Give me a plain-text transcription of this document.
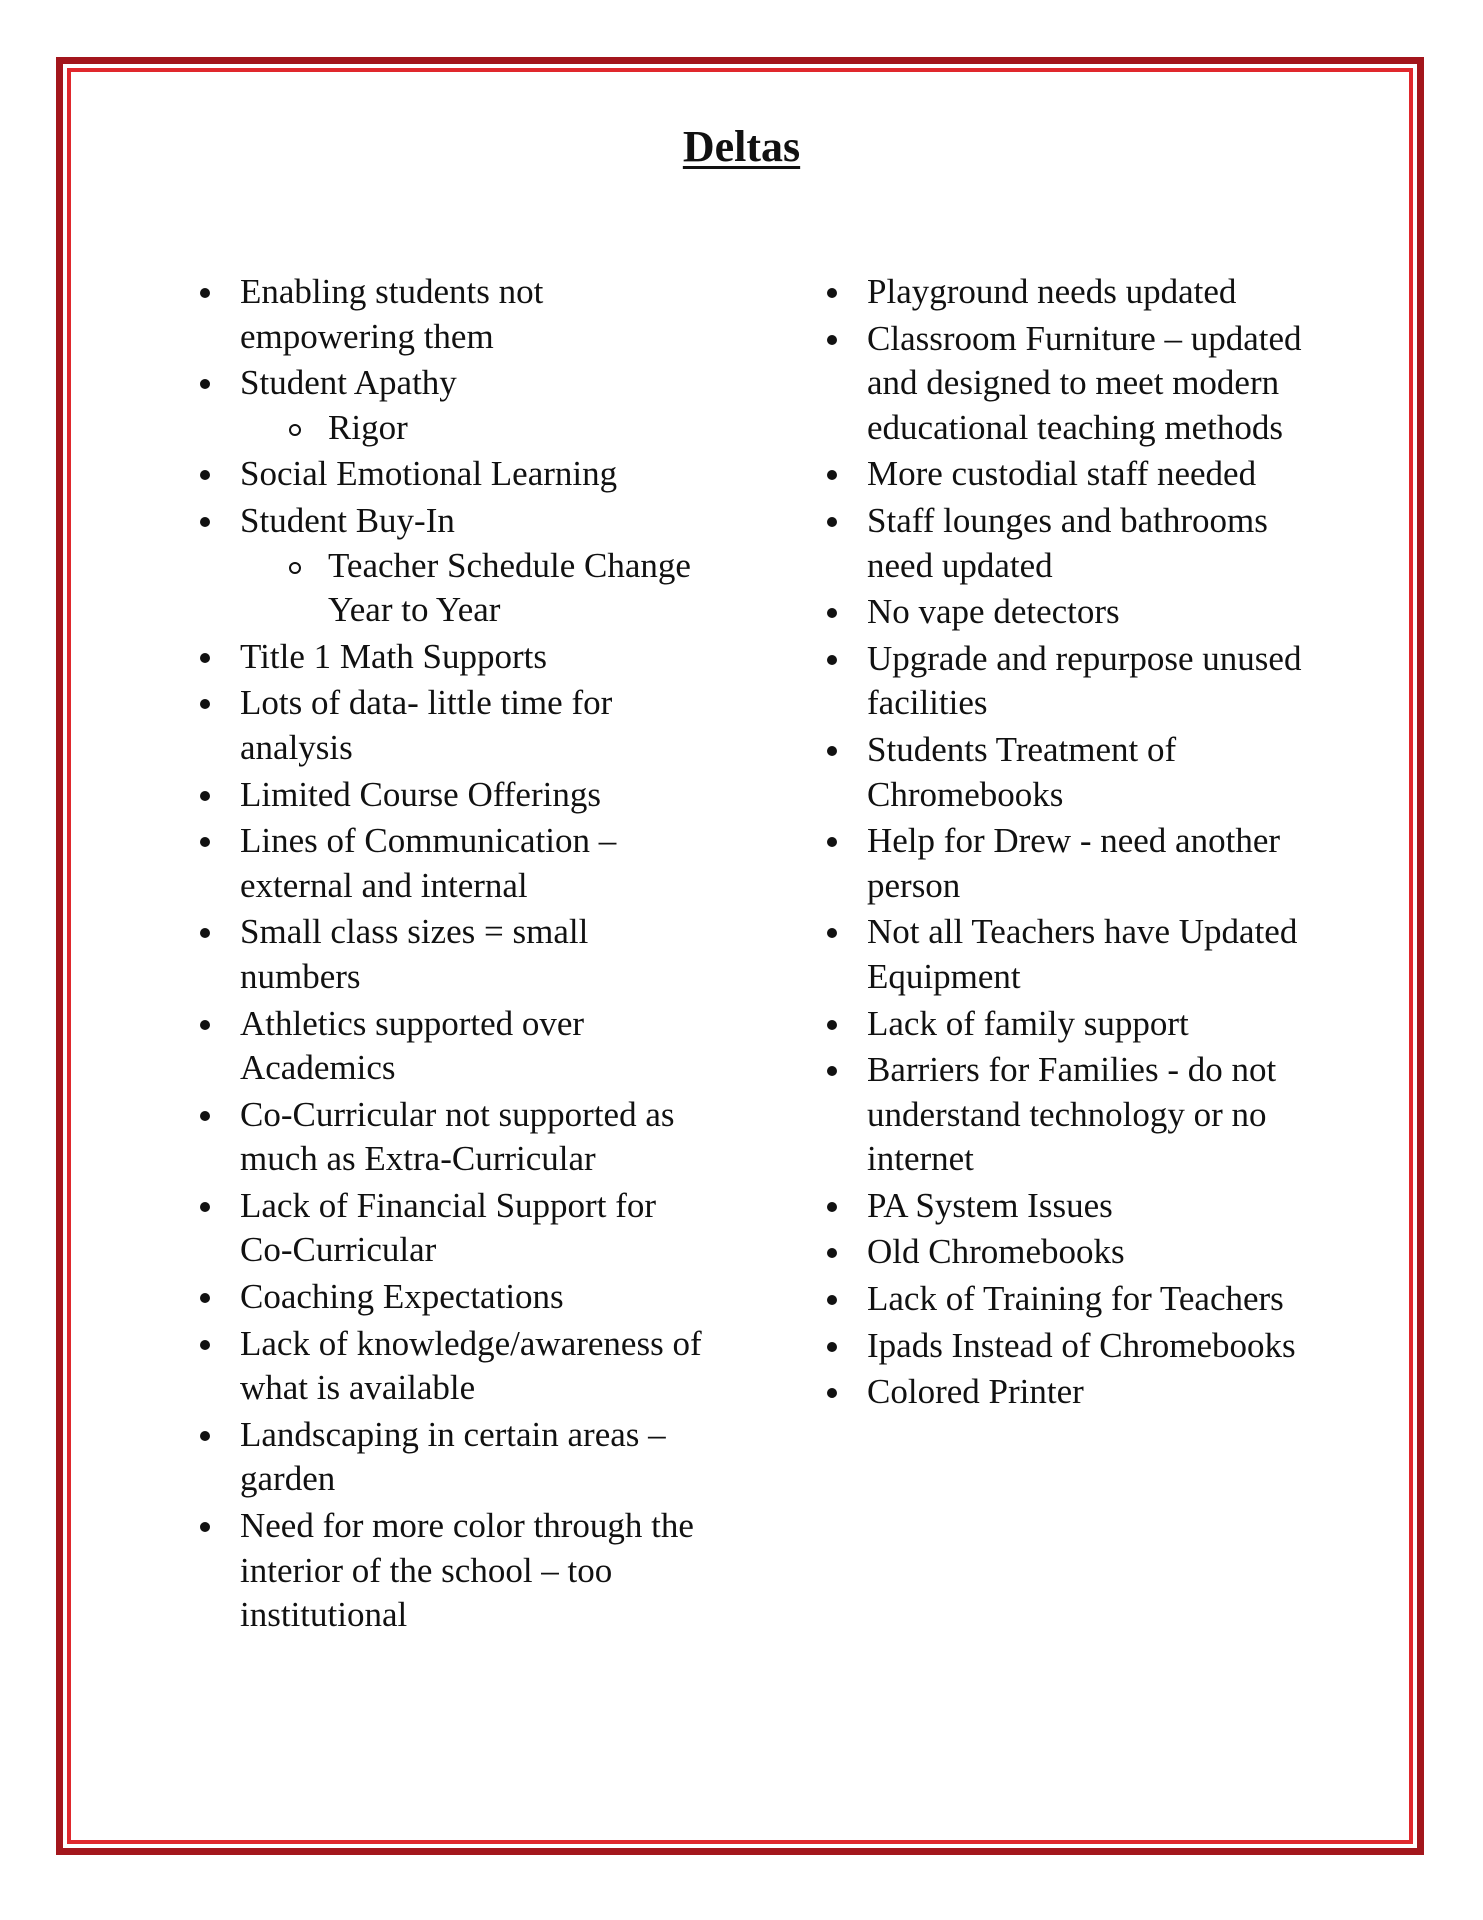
Deltas
Enabling students not empowering them
Student Apathy
Rigor
Social Emotional Learning
Student Buy-In
Teacher Schedule Change Year to Year
Title 1 Math Supports
Lots of data- little time for analysis
Limited Course Offerings
Lines of Communication – external and internal
Small class sizes = small numbers
Athletics supported over Academics
Co-Curricular not supported as much as Extra-Curricular
Lack of Financial Support for Co-Curricular
Coaching Expectations
Lack of knowledge/awareness of what is available
Landscaping in certain areas – garden
Need for more color through the interior of the school – too institutional
Playground needs updated
Classroom Furniture – updated and designed to meet modern educational teaching methods
More custodial staff needed
Staff lounges and bathrooms need updated
No vape detectors
Upgrade and repurpose unused facilities
Students Treatment of Chromebooks
Help for Drew - need another person
Not all Teachers have Updated Equipment
Lack of family support
Barriers for Families - do not understand technology or no internet
PA System Issues
Old Chromebooks
Lack of Training for Teachers
Ipads Instead of Chromebooks
Colored Printer
